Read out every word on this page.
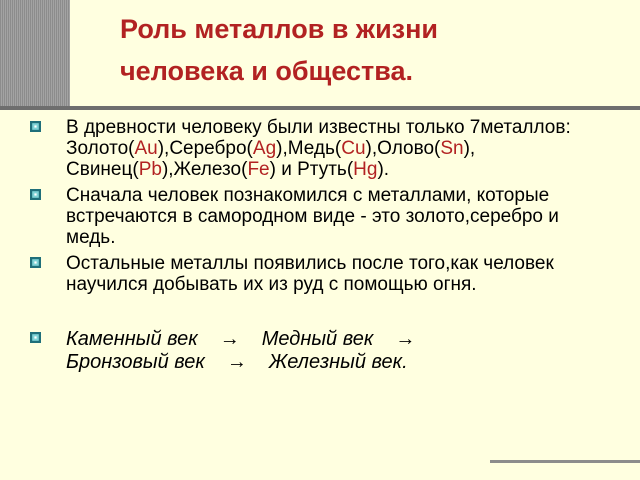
Роль металлов в жизни
человека и общества.
В древности человеку были известны только 7металлов:
Золото(Au),Серебро(Ag),Медь(Cu),Олово(Sn),
Свинец(Pb),Железо(Fe) и Ртуть(Hg).
Сначала человек познакомился с металлами, которые встречаются в самородном виде - это золото,серебро и медь.
Остальные металлы появились после того,как человек научился добывать их из руд с помощью огня.
Каменный век → Медный век →
Бронзовый век → Железный век.
